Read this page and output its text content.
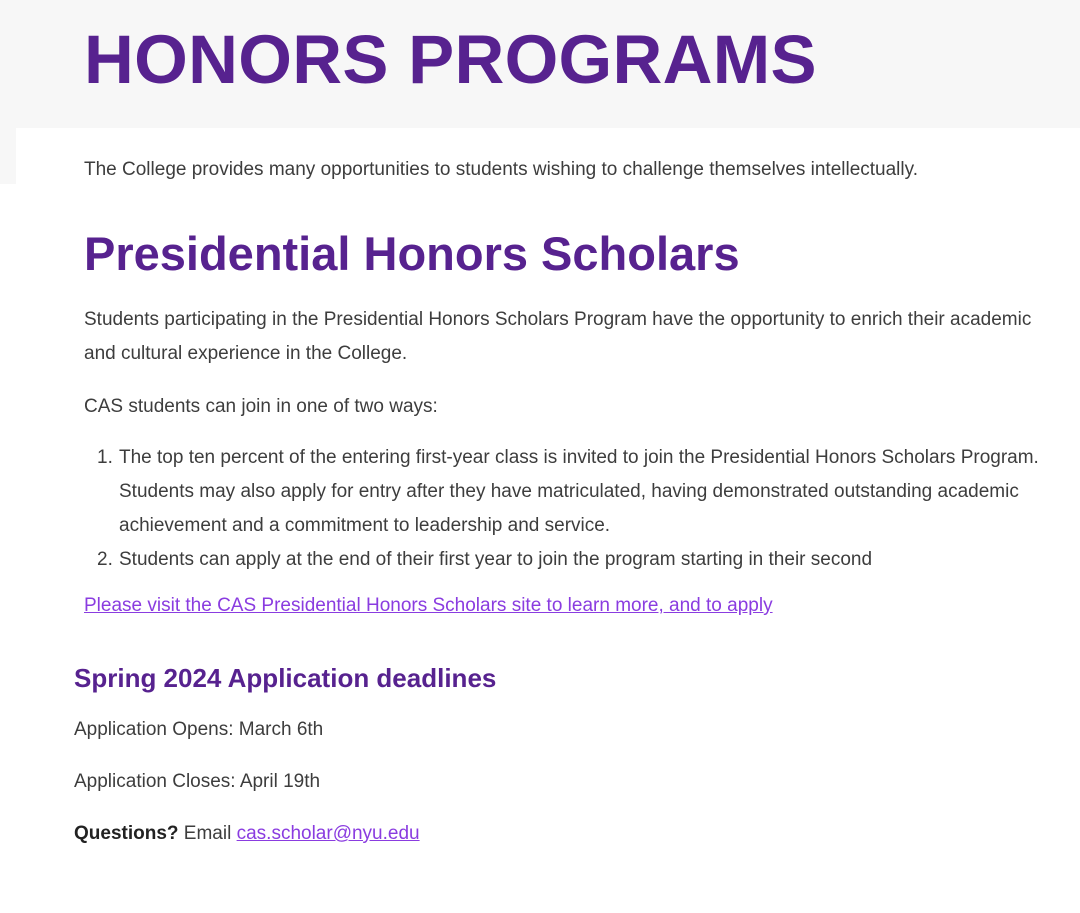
HONORS PROGRAMS

The College provides many opportunities to students wishing to challenge themselves intellectually.

Presidential Honors Scholars

Students participating in the Presidential Honors Scholars Program have the opportunity to enrich their academic and cultural experience in the College.

CAS students can join in one of two ways:

1. The top ten percent of the entering first-year class is invited to join the Presidential Honors Scholars Program. Students may also apply for entry after they have matriculated, having demonstrated outstanding academic achievement and a commitment to leadership and service.
2. Students can apply at the end of their first year to join the program starting in their second
Please visit the CAS Presidential Honors Scholars site to learn more, and to apply
Spring 2024 Application deadlines

Application Opens: March 6th

Application Closes: April 19th

Questions? Email cas.scholar@nyu.edu
